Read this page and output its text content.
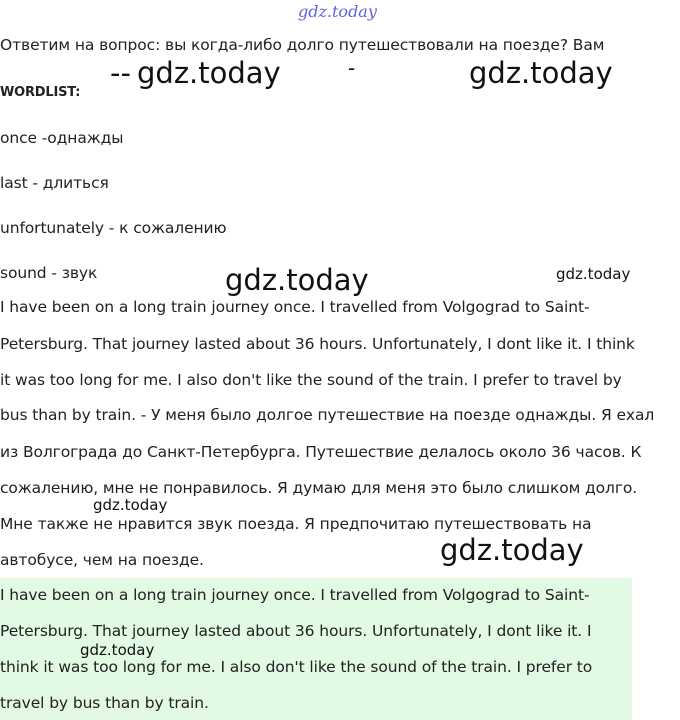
gdz.today
Ответим на вопрос: вы когда-либо долго путешествовали на поезде? Вам
WORDLIST:
once -однажды
last - длиться
unfortunately - к сожалению
sound - звук
I have been on a long train journey once. I travelled from Volgograd to Saint-
Petersburg. That journey lasted about 36 hours. Unfortunately, I dont like it. I think
it was too long for me. I also don't like the sound of the train. I prefer to travel by
bus than by train. - У меня было долгое путешествие на поезде однажды. Я ехал
из Волгограда до Санкт-Петербурга. Путешествие делалось около 36 часов. К
сожалению, мне не понравилось. Я думаю для меня это было слишком долго.
Мне также не нравится звук поезда. Я предпочитаю путешествовать на
автобусе, чем на поезде.
I have been on a long train journey once. I travelled from Volgograd to Saint-
Petersburg. That journey lasted about 36 hours. Unfortunately, I dont like it. I
think it was too long for me. I also don't like the sound of the train. I prefer to
travel by bus than by train.
-- gdz.today	-	gdz.today
gdz.today	gdz.today
gdz.today
gdz.today
gdz.today
